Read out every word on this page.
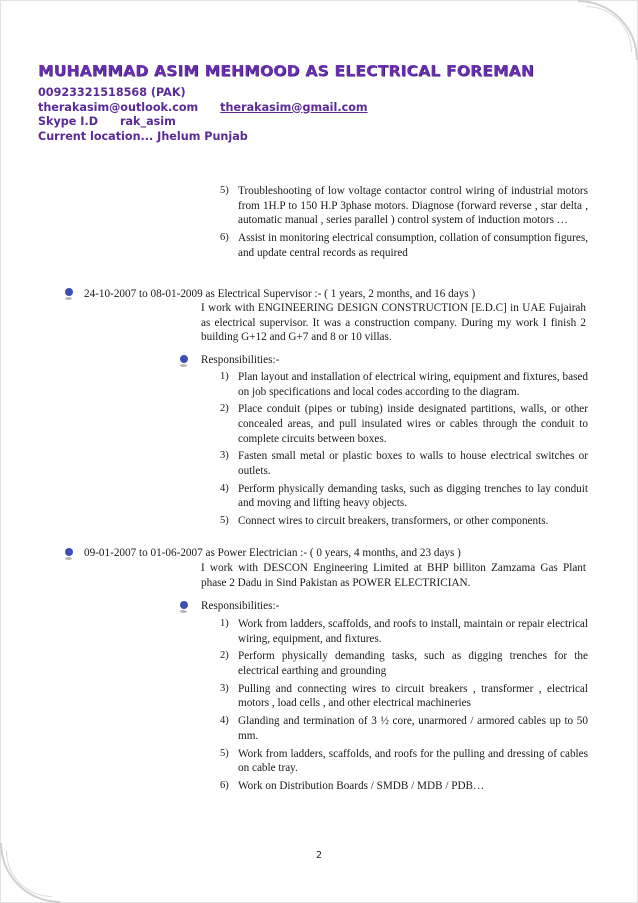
MUHAMMAD ASIM MEHMOOD AS ELECTRICAL FOREMAN
00923321518568 (PAK)
therakasim@outlook.com therakasim@gmail.com
Skype I.D rak_asim
Current location... Jhelum Punjab
5) Troubleshooting of low voltage contactor control wiring of industrial motors from 1H.P to 150 H.P 3phase motors. Diagnose (forward reverse , star delta , automatic manual , series parallel ) control system of induction motors …
6) Assist in monitoring electrical consumption, collation of consumption figures, and update central records as required
24-10-2007 to 08-01-2009 as Electrical Supervisor :- ( 1 years, 2 months, and 16 days )
I work with ENGINEERING DESIGN CONSTRUCTION [E.D.C] in UAE Fujairah as electrical supervisor. It was a construction company. During my work I finish 2 building G+12 and G+7 and 8 or 10 villas.
Responsibilities:-
1) Plan layout and installation of electrical wiring, equipment and fixtures, based on job specifications and local codes according to the diagram.
2) Place conduit (pipes or tubing) inside designated partitions, walls, or other concealed areas, and pull insulated wires or cables through the conduit to complete circuits between boxes.
3) Fasten small metal or plastic boxes to walls to house electrical switches or outlets.
4) Perform physically demanding tasks, such as digging trenches to lay conduit and moving and lifting heavy objects.
5) Connect wires to circuit breakers, transformers, or other components.
09-01-2007 to 01-06-2007 as Power Electrician :- ( 0 years, 4 months, and 23 days )
I work with DESCON Engineering Limited at BHP billiton Zamzama Gas Plant phase 2 Dadu in Sind Pakistan as POWER ELECTRICIAN.
Responsibilities:-
1) Work from ladders, scaffolds, and roofs to install, maintain or repair electrical wiring, equipment, and fixtures.
2) Perform physically demanding tasks, such as digging trenches for the electrical earthing and grounding
3) Pulling and connecting wires to circuit breakers , transformer , electrical motors , load cells , and other electrical machineries
4) Glanding and termination of 3 ½ core, unarmored / armored cables up to 50 mm.
5) Work from ladders, scaffolds, and roofs for the pulling and dressing of cables on cable tray.
6) Work on Distribution Boards / SMDB / MDB / PDB…
2
